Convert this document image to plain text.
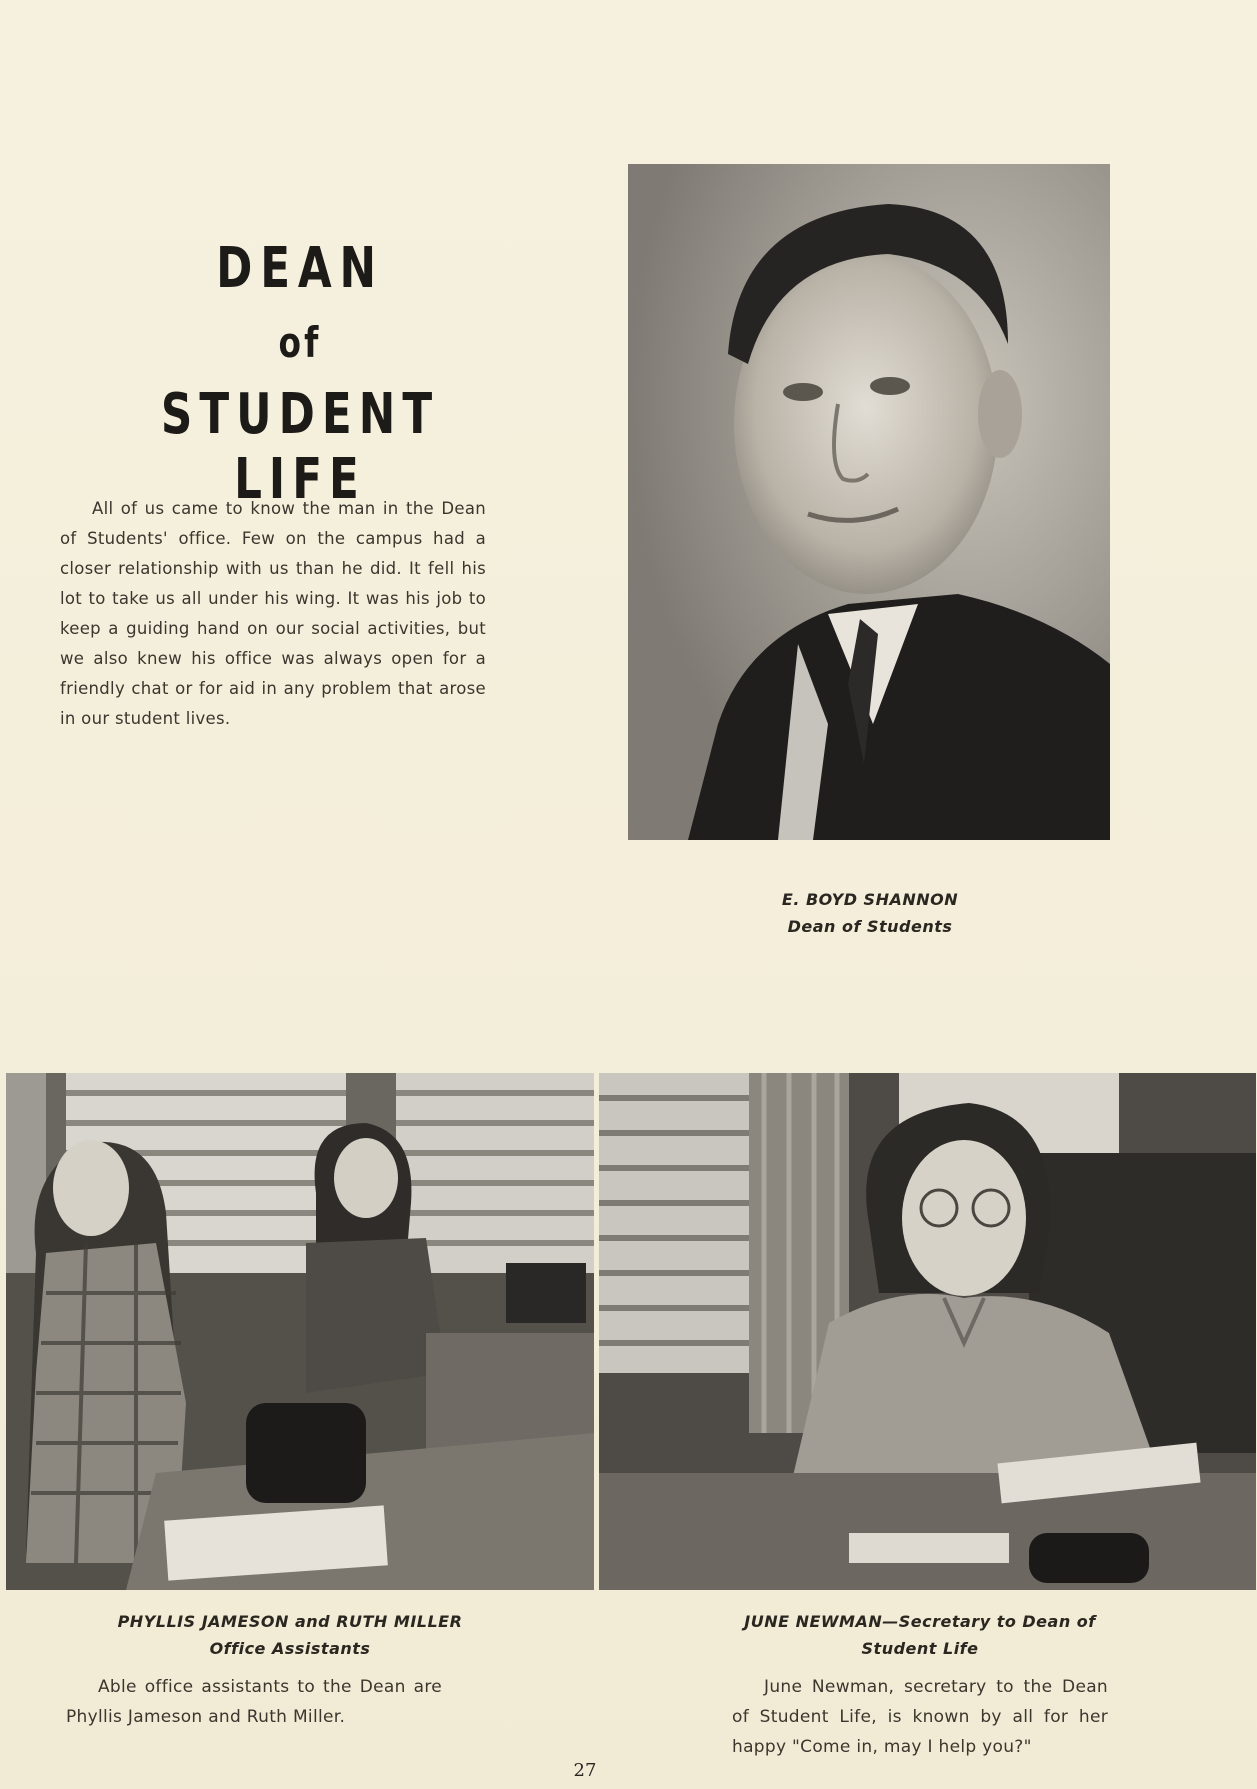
DEAN
of
STUDENT LIFE

All of us came to know the man in the Dean of Students' office. Few on the campus had a closer relationship with us than he did. It fell his lot to take us all under his wing. It was his job to keep a guiding hand on our social activities, but we also knew his office was always open for a friendly chat or for aid in any problem that arose in our student lives.

E. BOYD SHANNON
Dean of Students
PHYLLIS JAMESON and RUTH MILLER
Office Assistants
JUNE NEWMAN—Secretary to Dean of
Student Life

Able office assistants to the Dean are Phyllis Jameson and Ruth Miller.

June Newman, secretary to the Dean of Student Life, is known by all for her happy "Come in, may I help you?"

27
